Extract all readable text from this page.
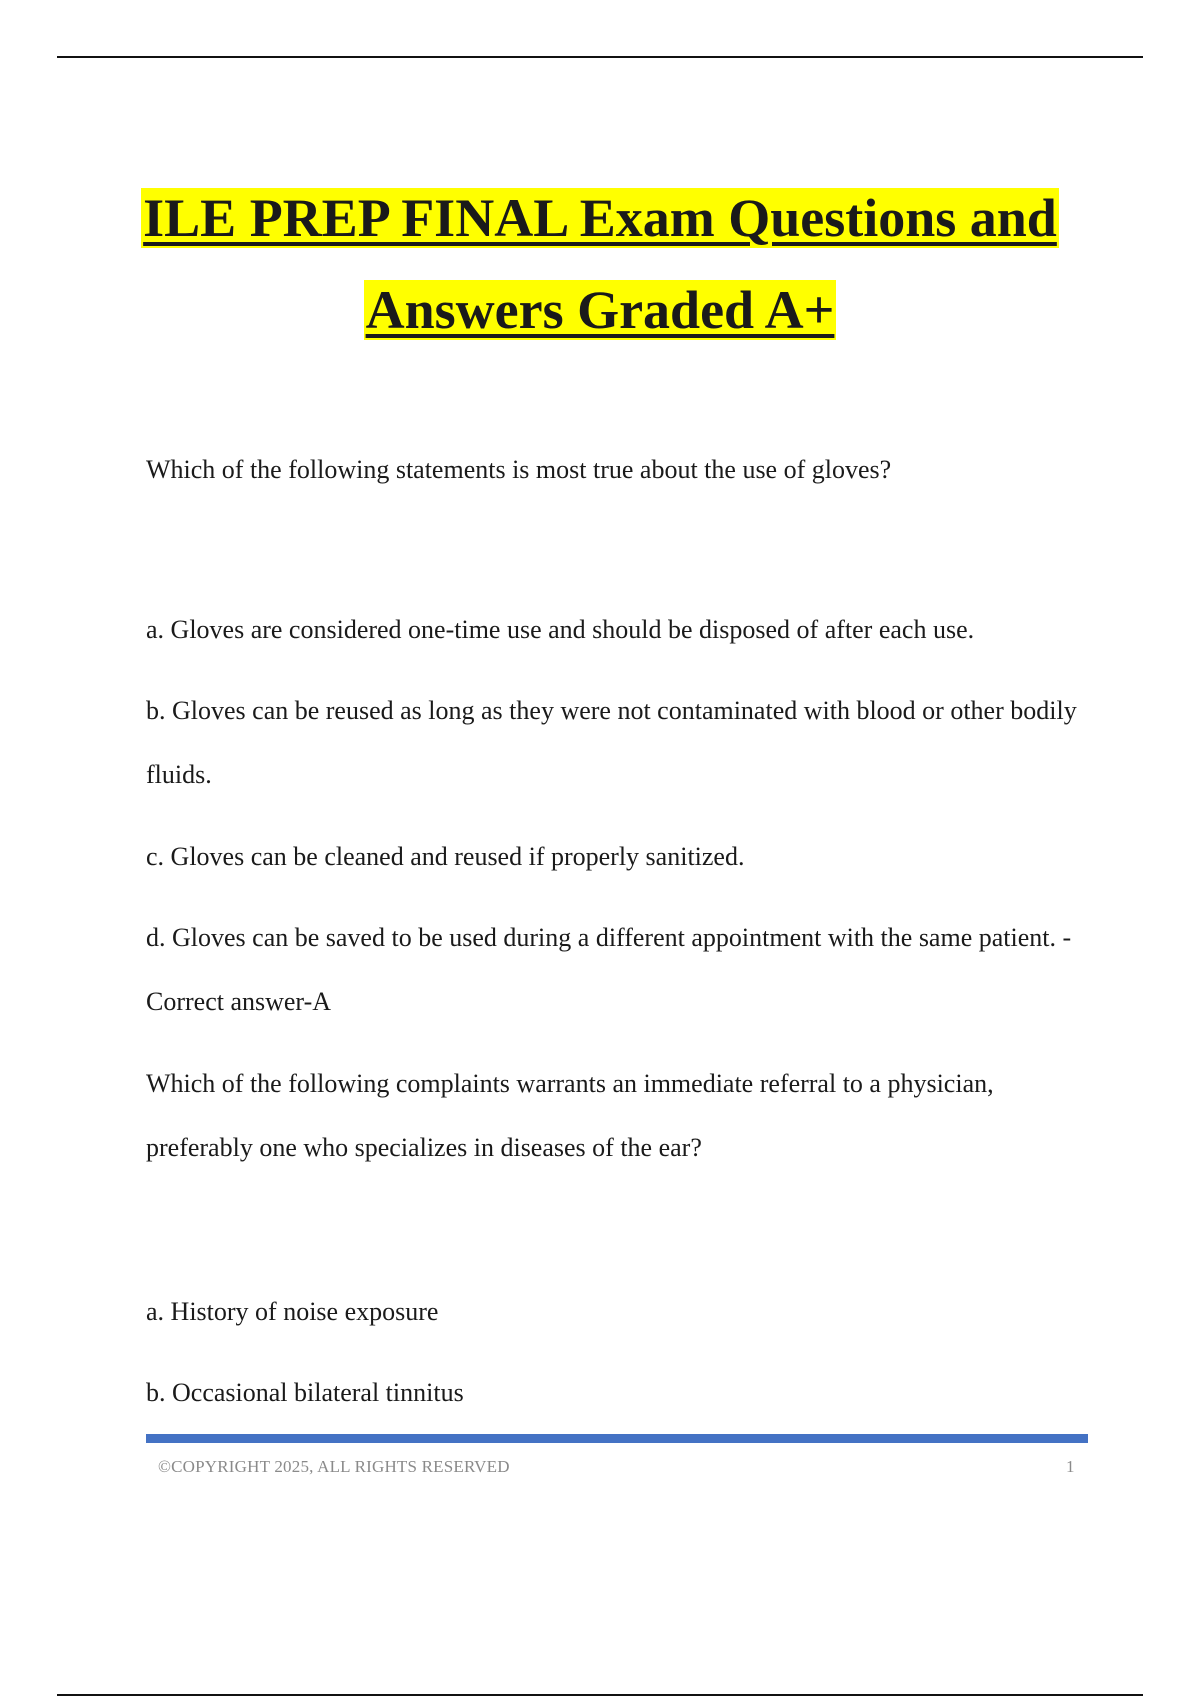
ILE PREP FINAL Exam Questions and
Answers Graded A+

Which of the following statements is most true about the use of gloves?

a. Gloves are considered one-time use and should be disposed of after each use.

b. Gloves can be reused as long as they were not contaminated with blood or other bodily fluids.

c. Gloves can be cleaned and reused if properly sanitized.

d. Gloves can be saved to be used during a different appointment with the same patient. - Correct answer-A

Which of the following complaints warrants an immediate referral to a physician, preferably one who specializes in diseases of the ear?

a. History of noise exposure

b. Occasional bilateral tinnitus

©COPYRIGHT 2025, ALL RIGHTS RESERVED	1
